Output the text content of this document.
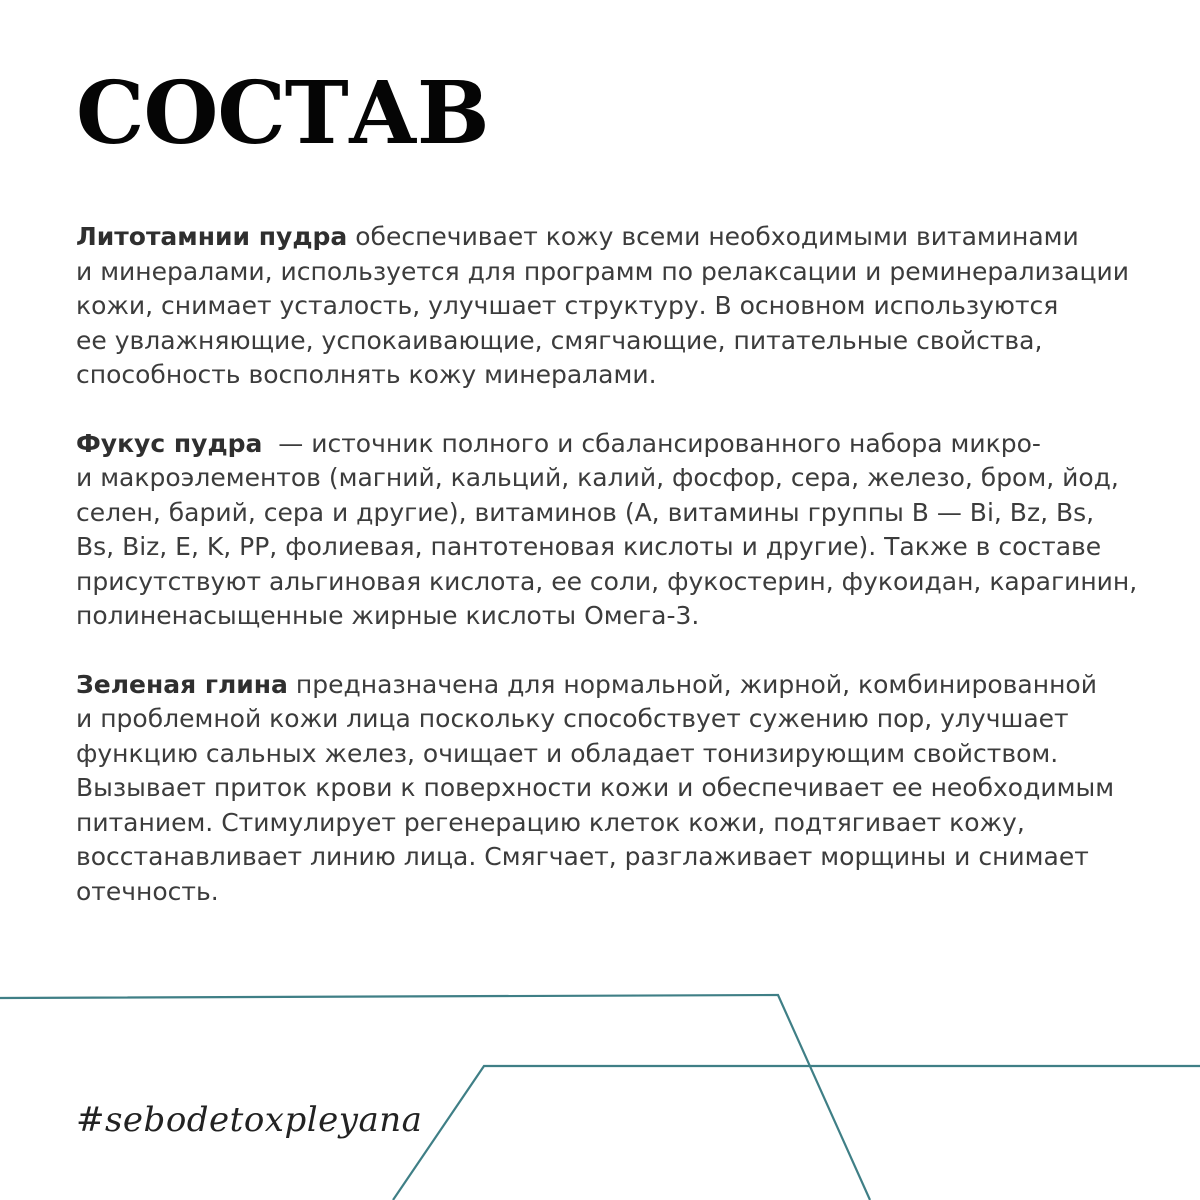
СОСТАВ

Литотамнии пудра обеспечивает кожу всеми необходимыми витаминами
и минералами, используется для программ по релаксации и реминерализации
кожи, снимает усталость, улучшает структуру. В основном используются
ее увлажняющие, успокаивающие, смягчающие, питательные свойства,
способность восполнять кожу минералами.

Фукус пудра  — источник полного и сбалансированного набора микро-
и макроэлементов (магний, кальций, калий, фосфор, сера, железо, бром, йод,
селен, барий, сера и другие), витаминов (А, витамины группы В — Bi, Bz, Bs,
Bs, Biz, E, K, PP, фолиевая, пантотеновая кислоты и другие). Также в составе
присутствуют альгиновая кислота, ее соли, фукостерин, фукоидан, карагинин,
полиненасыщенные жирные кислоты Омега-3.

Зеленая глина предназначена для нормальной, жирной, комбинированной
и проблемной кожи лица поскольку способствует сужению пор, улучшает
функцию сальных желез, очищает и обладает тонизирующим свойством.
Вызывает приток крови к поверхности кожи и обеспечивает ее необходимым
питанием. Стимулирует регенерацию клеток кожи, подтягивает кожу,
восстанавливает линию лица. Смягчает, разглаживает морщины и снимает
отечность.

#sebodetoxpleyana
